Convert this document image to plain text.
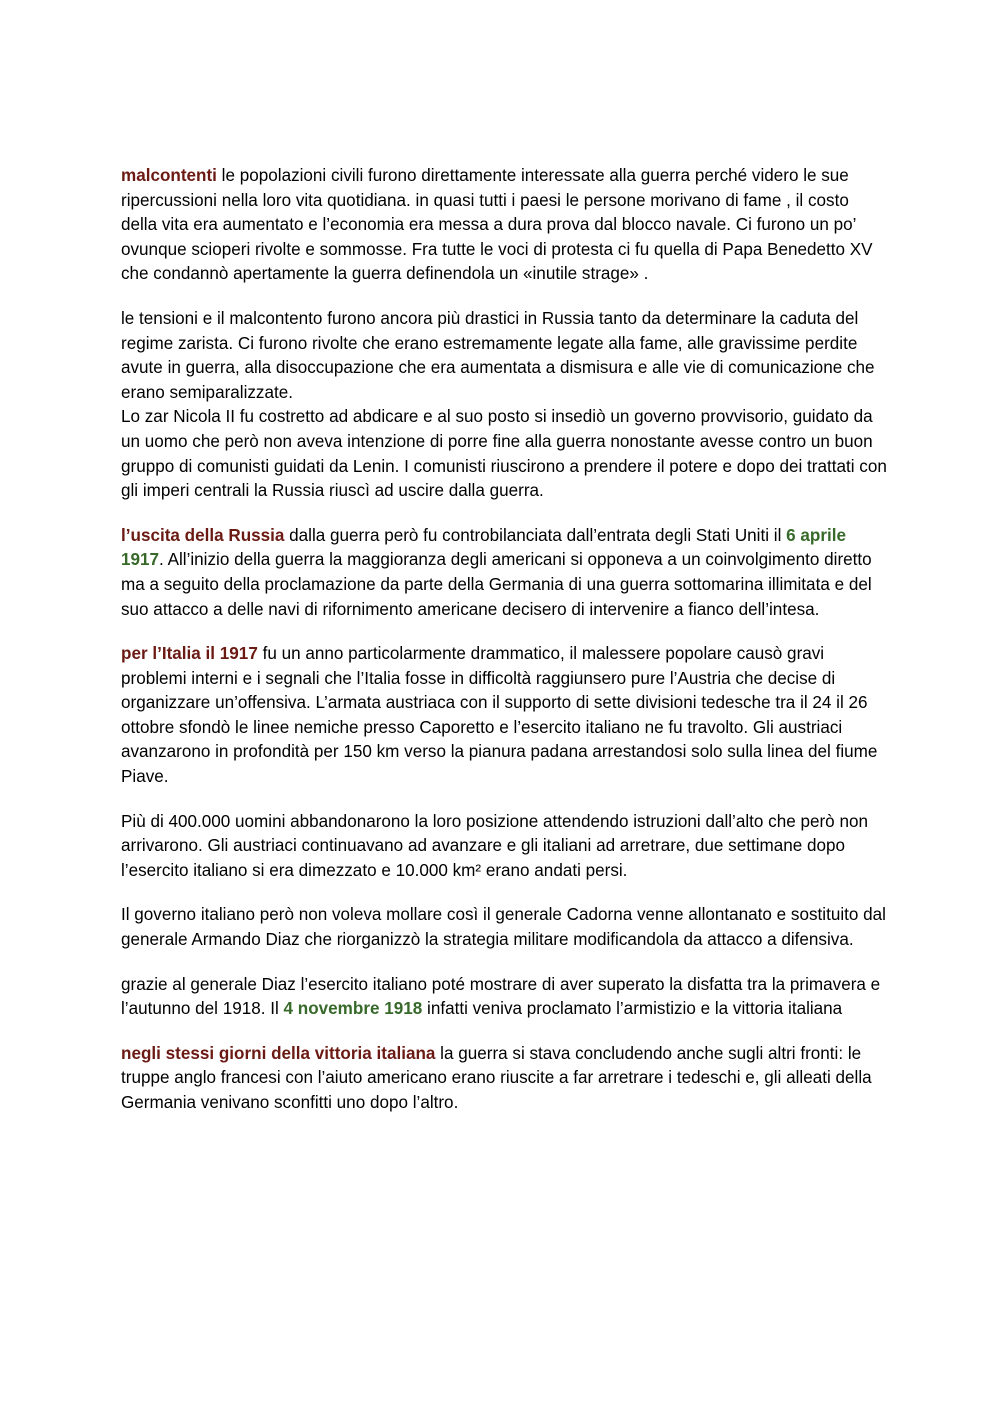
malcontenti le popolazioni civili furono direttamente interessate alla guerra perché videro le sue ripercussioni nella loro vita quotidiana. in quasi tutti i paesi le persone morivano di fame , il costo della vita era aumentato e l’economia era messa a dura prova dal blocco navale. Ci furono un po’ ovunque scioperi rivolte e sommosse. Fra tutte le voci di protesta ci fu quella di Papa Benedetto XV che condannò apertamente la guerra definendola un «inutile strage» .

le tensioni e il malcontento furono ancora più drastici in Russia tanto da determinare la caduta del regime zarista. Ci furono rivolte che erano estremamente legate alla fame, alle gravissime perdite avute in guerra, alla disoccupazione che era aumentata a dismisura e alle vie di comunicazione che erano semiparalizzate.

Lo zar Nicola II fu costretto ad abdicare e al suo posto si insediò un governo provvisorio, guidato da un uomo che però non aveva intenzione di porre fine alla guerra nonostante avesse contro un buon gruppo di comunisti guidati da Lenin. I comunisti riuscirono a prendere il potere e dopo dei trattati con gli imperi centrali la Russia riuscì ad uscire dalla guerra.

l’uscita della Russia dalla guerra però fu controbilanciata dall’entrata degli Stati Uniti il 6 aprile 1917. All’inizio della guerra la maggioranza degli americani si opponeva a un coinvolgimento diretto ma a seguito della proclamazione da parte della Germania di una guerra sottomarina illimitata e del suo attacco a delle navi di rifornimento americane decisero di intervenire a fianco dell’intesa.

per l’Italia il 1917 fu un anno particolarmente drammatico, il malessere popolare causò gravi problemi interni e i segnali che l’Italia fosse in difficoltà raggiunsero pure l’Austria che decise di organizzare un’offensiva. L’armata austriaca con il supporto di sette divisioni tedesche tra il 24 il 26 ottobre sfondò le linee nemiche presso Caporetto e l’esercito italiano ne fu travolto. Gli austriaci avanzarono in profondità per 150 km verso la pianura padana arrestandosi solo sulla linea del fiume Piave.

Più di 400.000 uomini abbandonarono la loro posizione attendendo istruzioni dall’alto che però non arrivarono. Gli austriaci continuavano ad avanzare e gli italiani ad arretrare, due settimane dopo l’esercito italiano si era dimezzato e 10.000 km² erano andati persi.

Il governo italiano però non voleva mollare così il generale Cadorna venne allontanato e sostituito dal generale Armando Diaz che riorganizzò la strategia militare modificandola da attacco a difensiva.

grazie al generale Diaz l’esercito italiano poté mostrare di aver superato la disfatta tra la primavera e l’autunno del 1918. Il 4 novembre 1918 infatti veniva proclamato l’armistizio e la vittoria italiana

negli stessi giorni della vittoria italiana la guerra si stava concludendo anche sugli altri fronti: le truppe anglo francesi con l’aiuto americano erano riuscite a far arretrare i tedeschi e, gli alleati della Germania venivano sconfitti uno dopo l’altro.
